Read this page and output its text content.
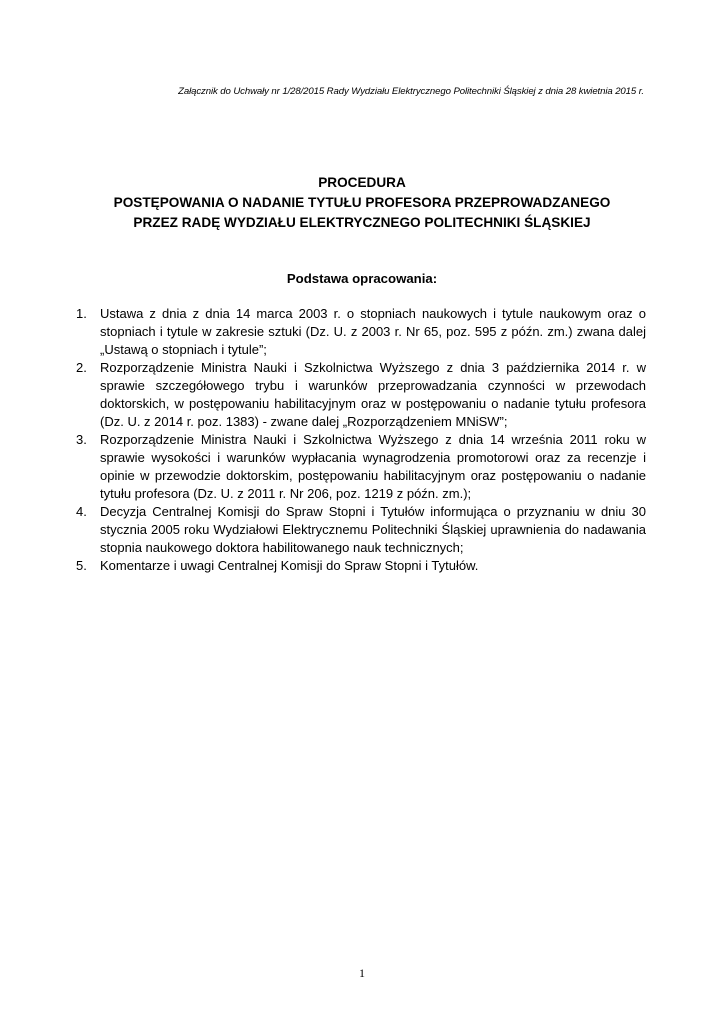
Załącznik do Uchwały nr 1/28/2015 Rady Wydziału Elektrycznego Politechniki Śląskiej z dnia 28 kwietnia 2015 r.
PROCEDURA
POSTĘPOWANIA O NADANIE TYTUŁU PROFESORA PRZEPROWADZANEGO
PRZEZ RADĘ WYDZIAŁU ELEKTRYCZNEGO POLITECHNIKI ŚLĄSKIEJ
Podstawa opracowania:
1. Ustawa z dnia z dnia 14 marca 2003 r. o stopniach naukowych i tytule naukowym oraz o stopniach i tytule w zakresie sztuki (Dz. U. z 2003 r. Nr 65, poz. 595 z późn. zm.) zwana dalej „Ustawą o stopniach i tytule”;
2. Rozporządzenie Ministra Nauki i Szkolnictwa Wyższego z dnia 3 października 2014 r. w sprawie szczegółowego trybu i warunków przeprowadzania czynności w przewodach doktorskich, w postępowaniu habilitacyjnym oraz w postępowaniu o nadanie tytułu profesora (Dz. U. z 2014 r. poz. 1383) - zwane dalej „Rozporządzeniem MNiSW”;
3. Rozporządzenie Ministra Nauki i Szkolnictwa Wyższego z dnia 14 września 2011 roku w sprawie wysokości i warunków wypłacania wynagrodzenia promotorowi oraz za recenzje i opinie w przewodzie doktorskim, postępowaniu habilitacyjnym oraz postępowaniu o nadanie tytułu profesora (Dz. U. z 2011 r. Nr 206, poz. 1219 z późn. zm.);
4. Decyzja Centralnej Komisji do Spraw Stopni i Tytułów informująca o przyznaniu w dniu 30 stycznia 2005 roku Wydziałowi Elektrycznemu Politechniki Śląskiej uprawnienia do nadawania stopnia naukowego doktora habilitowanego nauk technicznych;
5. Komentarze i uwagi Centralnej Komisji do Spraw Stopni i Tytułów.
1
